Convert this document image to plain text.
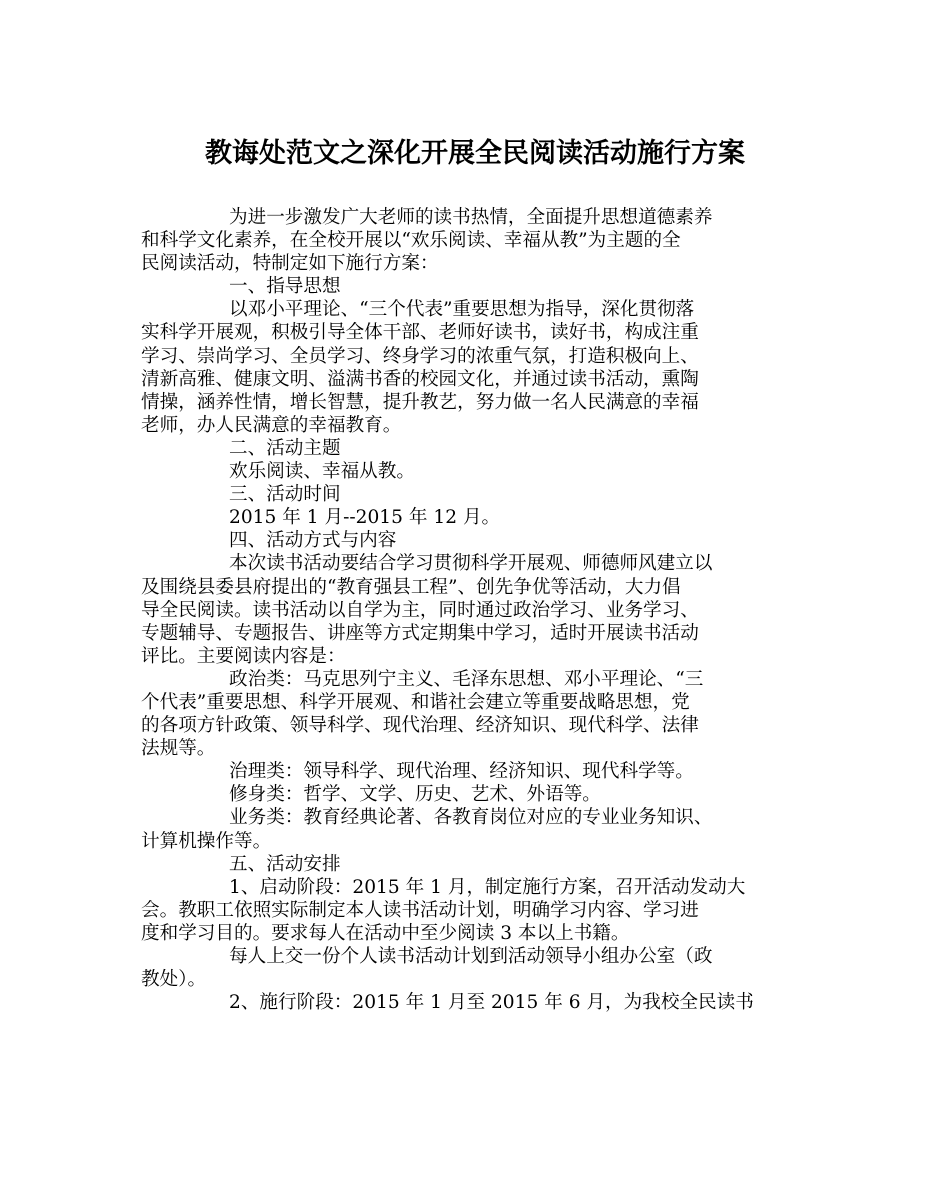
教诲处范文之深化开展全民阅读活动施行方案
为进一步激发广大老师的读书热情，全面提升思想道德素养
和科学文化素养，在全校开展以“欢乐阅读、幸福从教”为主题的全
民阅读活动，特制定如下施行方案：
一、指导思想
以邓小平理论、“三个代表”重要思想为指导，深化贯彻落
实科学开展观，积极引导全体干部、老师好读书，读好书，构成注重
学习、崇尚学习、全员学习、终身学习的浓重气氛，打造积极向上、
清新高雅、健康文明、溢满书香的校园文化，并通过读书活动，熏陶
情操，涵养性情，增长智慧，提升教艺，努力做一名人民满意的幸福
老师，办人民满意的幸福教育。
二、活动主题
欢乐阅读、幸福从教。
三、活动时间
2015 年 1 月--2015 年 12 月。
四、活动方式与内容
本次读书活动要结合学习贯彻科学开展观、师德师风建立以
及围绕县委县府提出的“教育强县工程”、创先争优等活动，大力倡
导全民阅读。读书活动以自学为主，同时通过政治学习、业务学习、
专题辅导、专题报告、讲座等方式定期集中学习，适时开展读书活动
评比。主要阅读内容是：
政治类：马克思列宁主义、毛泽东思想、邓小平理论、“三
个代表”重要思想、科学开展观、和谐社会建立等重要战略思想，党
的各项方针政策、领导科学、现代治理、经济知识、现代科学、法律
法规等。
治理类：领导科学、现代治理、经济知识、现代科学等。
修身类：哲学、文学、历史、艺术、外语等。
业务类：教育经典论著、各教育岗位对应的专业业务知识、
计算机操作等。
五、活动安排
1、启动阶段：2015 年 1 月，制定施行方案，召开活动发动大
会。教职工依照实际制定本人读书活动计划，明确学习内容、学习进
度和学习目的。要求每人在活动中至少阅读 3 本以上书籍。
每人上交一份个人读书活动计划到活动领导小组办公室（政
教处）。
2、施行阶段：2015 年 1 月至 2015 年 6 月，为我校全民读书
